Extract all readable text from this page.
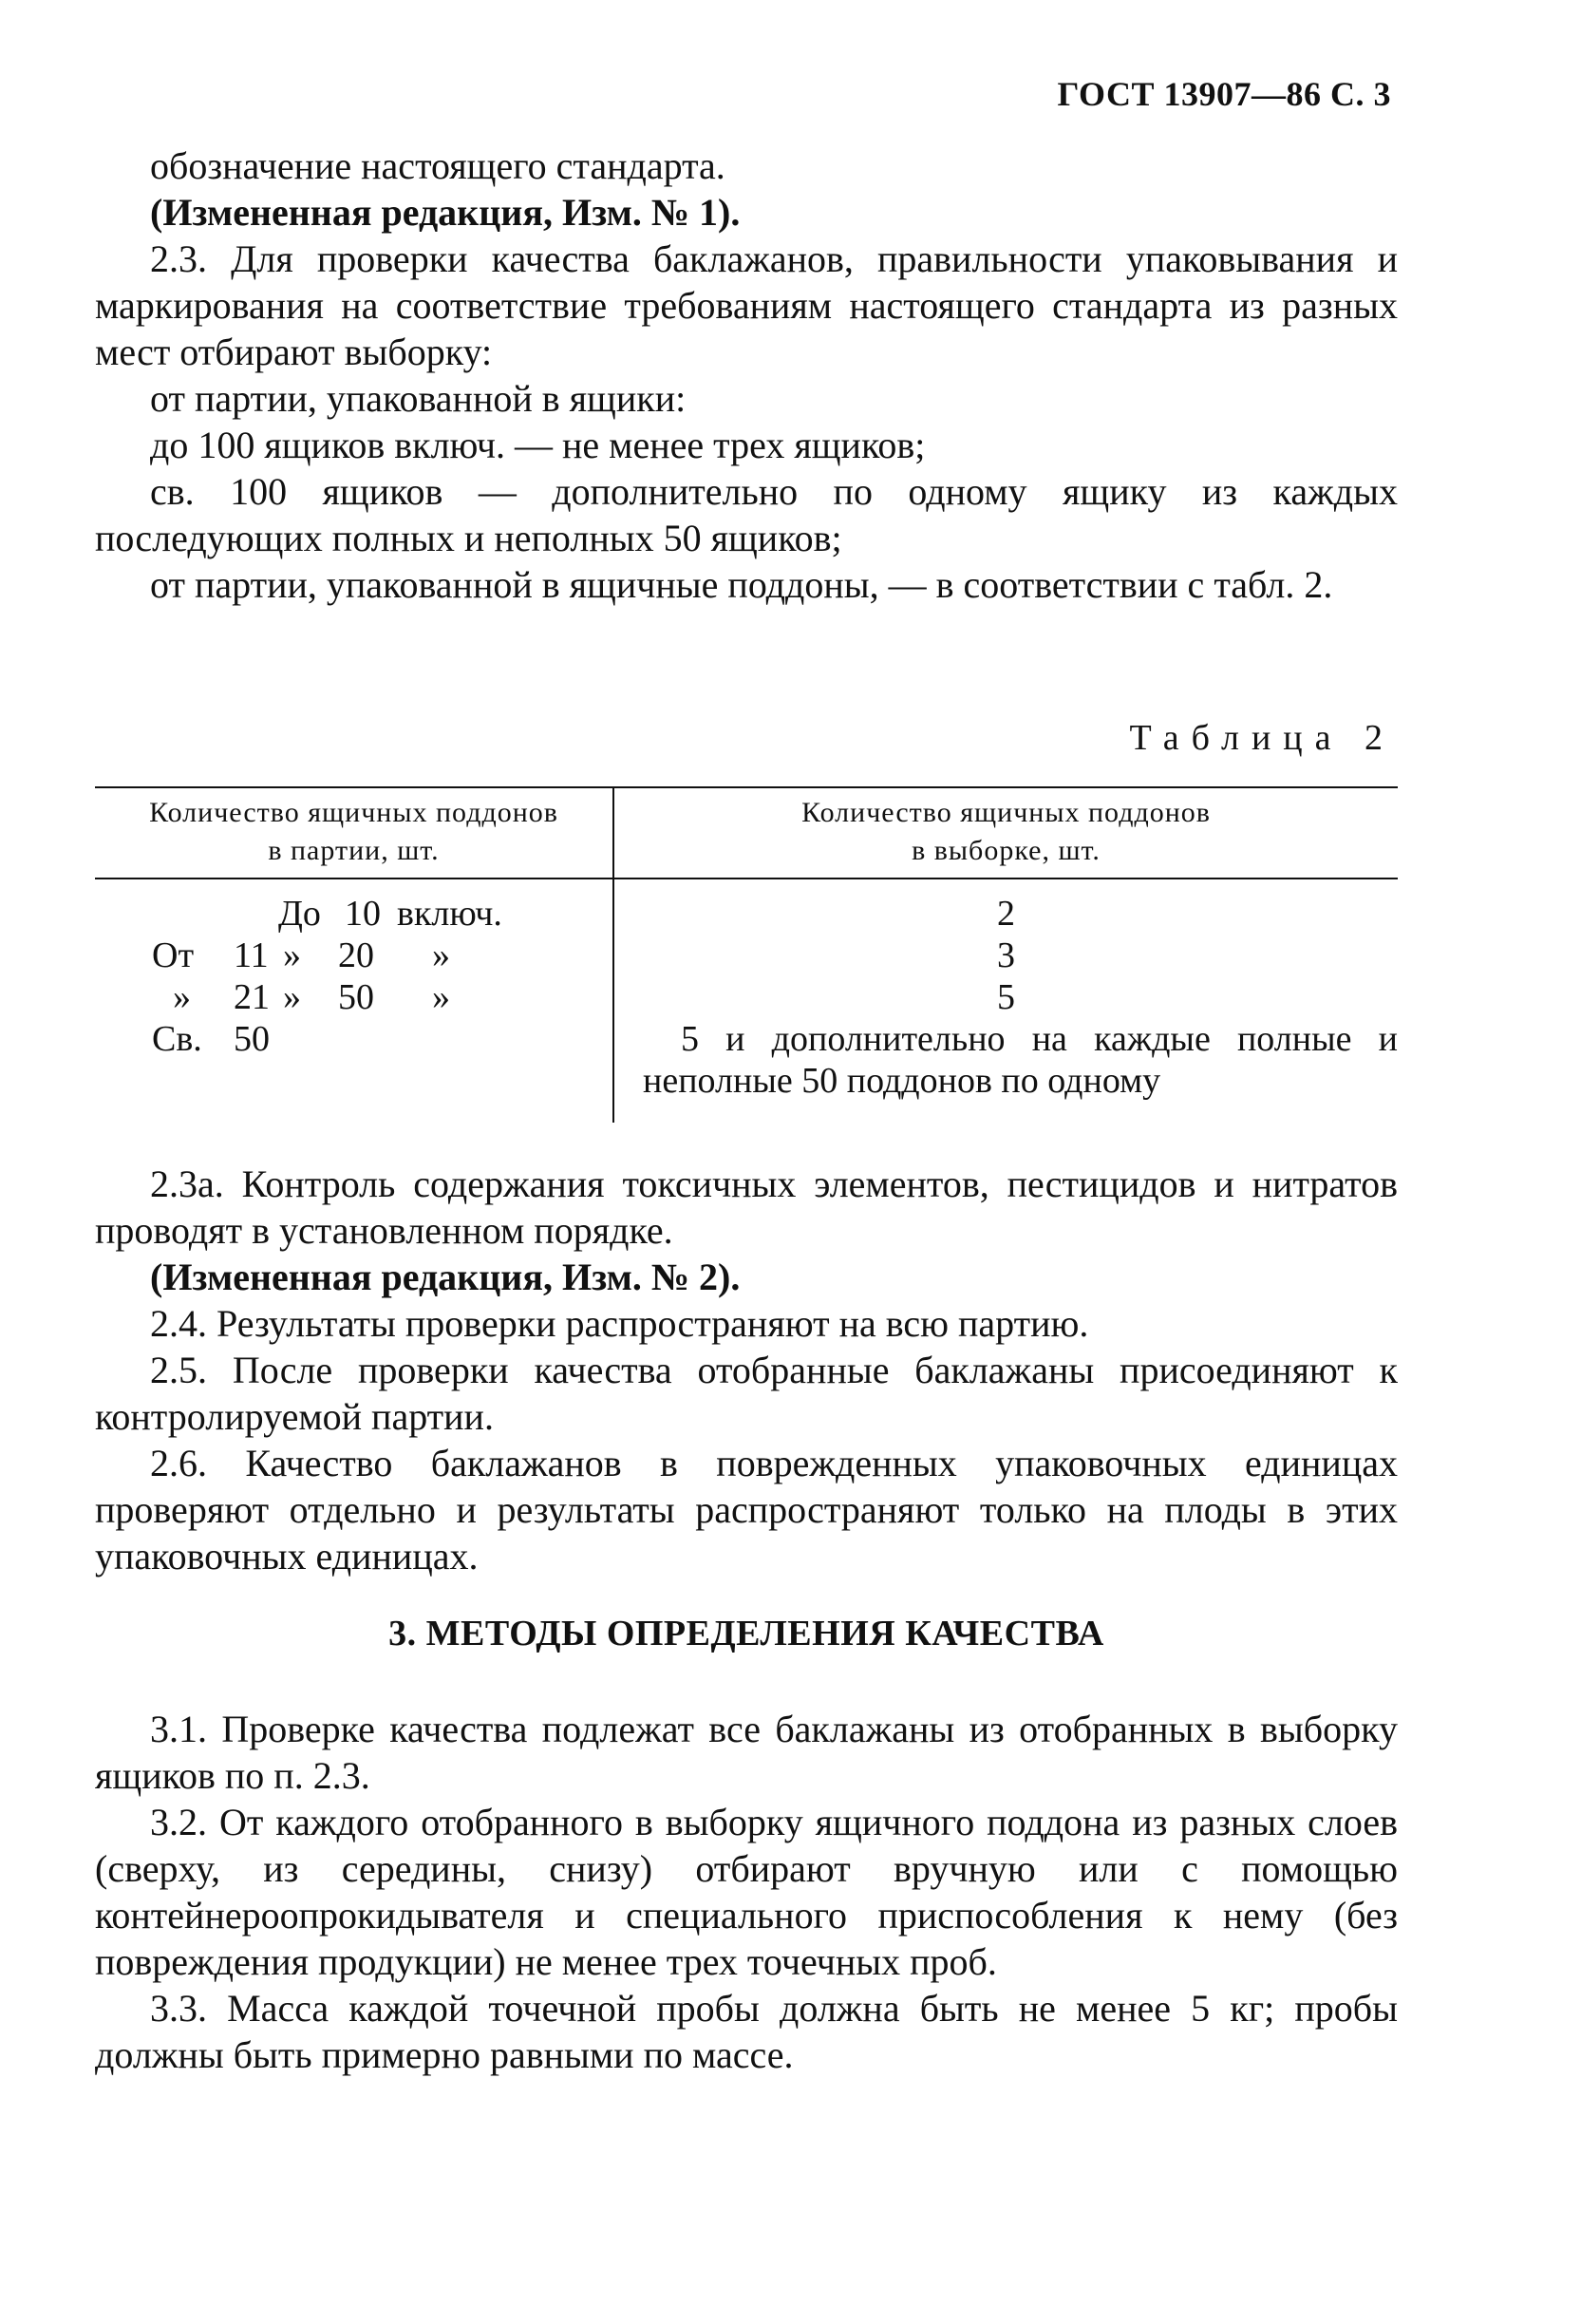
ГОСТ 13907—86 С. 3

обозначение настоящего стандарта.

(Измененная редакция, Изм. № 1).

2.3. Для проверки качества баклажанов, правильности упаковывания и маркирования на соответствие требованиям настоящего стандарта из разных мест отбирают выборку:

от партии, упакованной в ящики:

до 100 ящиков включ. — не менее трех ящиков;

св. 100 ящиков — дополнительно по одному ящику из каждых последующих полных и неполных 50 ящиков;

от партии, упакованной в ящичные поддоны, — в соответствии с табл. 2.

Таблица 2
Количество ящичных поддонов
в партии, шт.
Количество ящичных поддонов
в выборке, шт.
До 10 включ.
От 11 » 20 »
» 21 » 50 »
Св. 50
2
3
5
5 и дополнительно на каждые полные и неполные 50 поддонов по одному

2.3а. Контроль содержания токсичных элементов, пестицидов и нитратов проводят в установленном порядке.

(Измененная редакция, Изм. № 2).

2.4. Результаты проверки распространяют на всю партию.

2.5. После проверки качества отобранные баклажаны присоединяют к контролируемой партии.

2.6. Качество баклажанов в поврежденных упаковочных единицах проверяют отдельно и результаты распространяют только на плоды в этих упаковочных единицах.

3. МЕТОДЫ ОПРЕДЕЛЕНИЯ КАЧЕСТВА

3.1. Проверке качества подлежат все баклажаны из отобранных в выборку ящиков по п. 2.3.

3.2. От каждого отобранного в выборку ящичного поддона из разных слоев (сверху, из середины, снизу) отбирают вручную или с помощью контейнероопрокидывателя и специального приспособления к нему (без повреждения продукции) не менее трех точечных проб.

3.3. Масса каждой точечной пробы должна быть не менее 5 кг; пробы должны быть примерно равными по массе.
